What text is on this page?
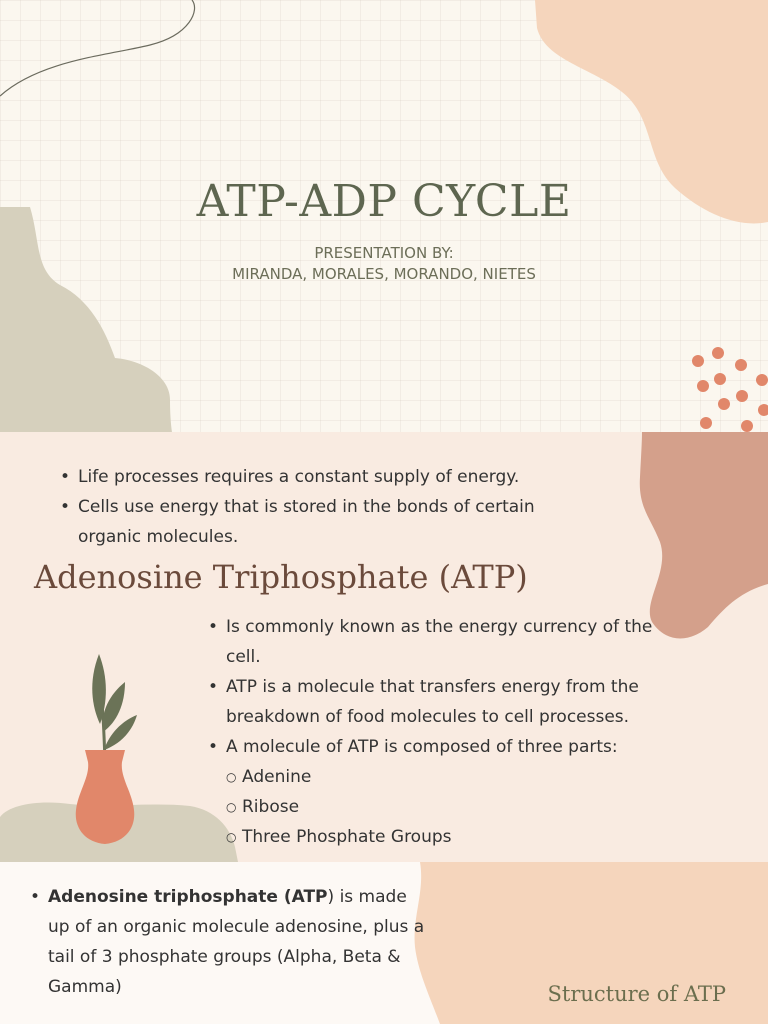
ATP-ADP CYCLE
PRESENTATION BY:
MIRANDA, MORALES, MORANDO, NIETES
• Life processes requires a constant supply of energy.
• Cells use energy that is stored in the bonds of certain organic molecules.
Adenosine Triphosphate (ATP)
• Is commonly known as the energy currency of the cell.
• ATP is a molecule that transfers energy from the breakdown of food molecules to cell processes.
• A molecule of ATP is composed of three parts:
○ Adenine
○ Ribose
○ Three Phosphate Groups
• Adenosine triphosphate (ATP) is made up of an organic molecule adenosine, plus a tail of 3 phosphate groups (Alpha, Beta & Gamma)	Structure of ATP
